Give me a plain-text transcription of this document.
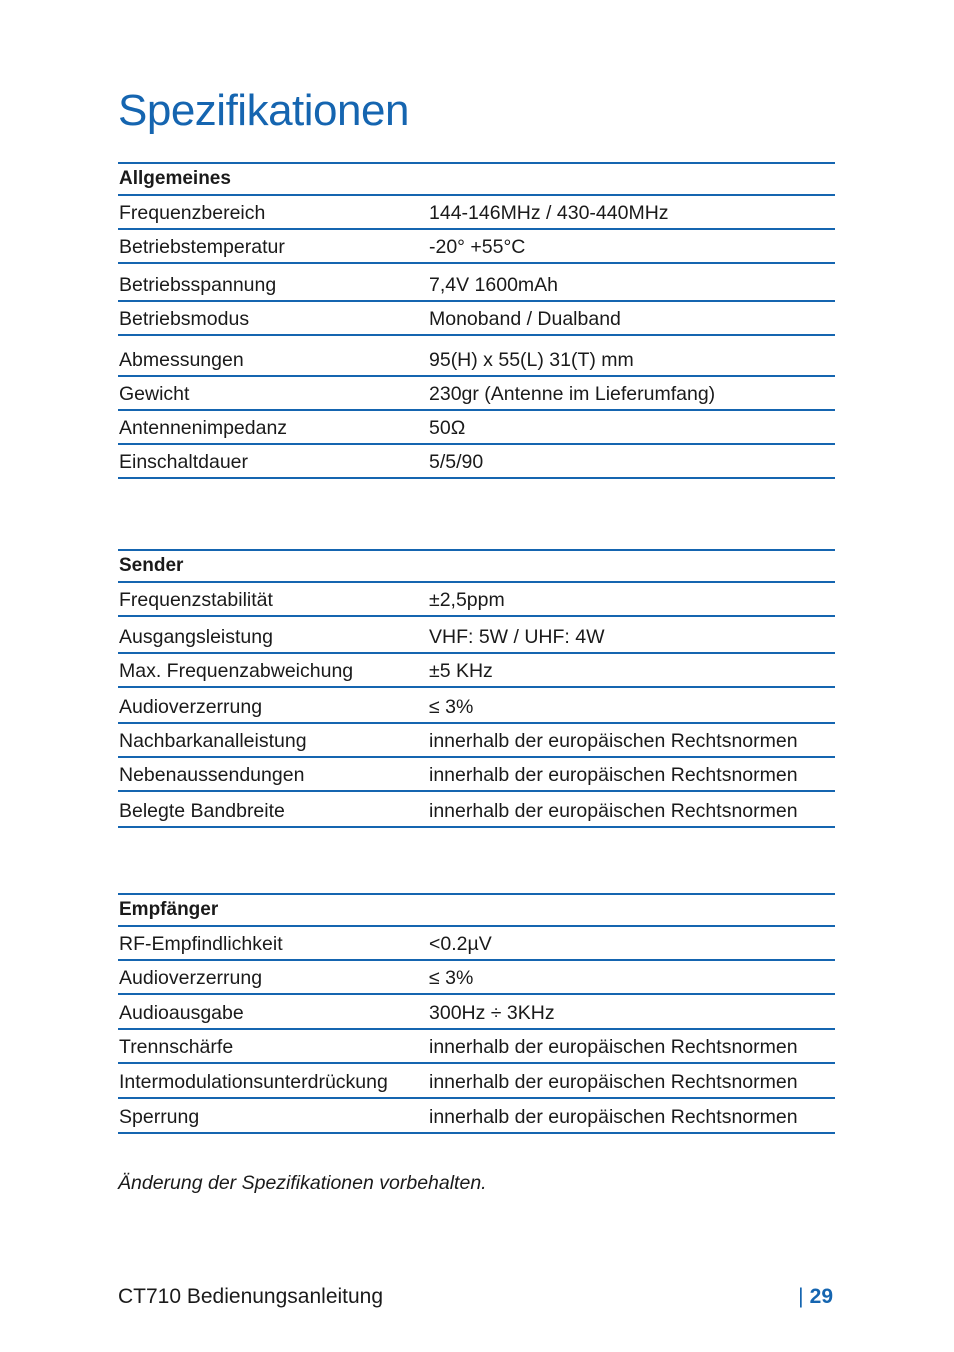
Spezifikationen
Allgemeines
Frequenzbereich	144-146MHz / 430-440MHz
Betriebstemperatur	-20° +55°C
Betriebsspannung	7,4V 1600mAh
Betriebsmodus	Monoband / Dualband
Abmessungen	95(H) x 55(L) 31(T) mm
Gewicht	230gr (Antenne im Lieferumfang)
Antennenimpedanz	50Ω
Einschaltdauer	5/5/90
Sender
Frequenzstabilität	±2,5ppm
Ausgangsleistung	VHF: 5W / UHF: 4W
Max. Frequenzabweichung	±5 KHz
Audioverzerrung	≤ 3%
Nachbarkanalleistung	innerhalb der europäischen Rechtsnormen
Nebenaussendungen	innerhalb der europäischen Rechtsnormen
Belegte Bandbreite	innerhalb der europäischen Rechtsnormen
Empfänger
RF-Empfindlichkeit	<0.2µV
Audioverzerrung	≤ 3%
Audioausgabe	300Hz ÷ 3KHz
Trennschärfe	innerhalb der europäischen Rechtsnormen
Intermodulationsunterdrückung innerhalb der europäischen Rechtsnormen
Sperrung	innerhalb der europäischen Rechtsnormen

Änderung der Spezifikationen vorbehalten.

CT710 Bedienungsanleitung	| 29
